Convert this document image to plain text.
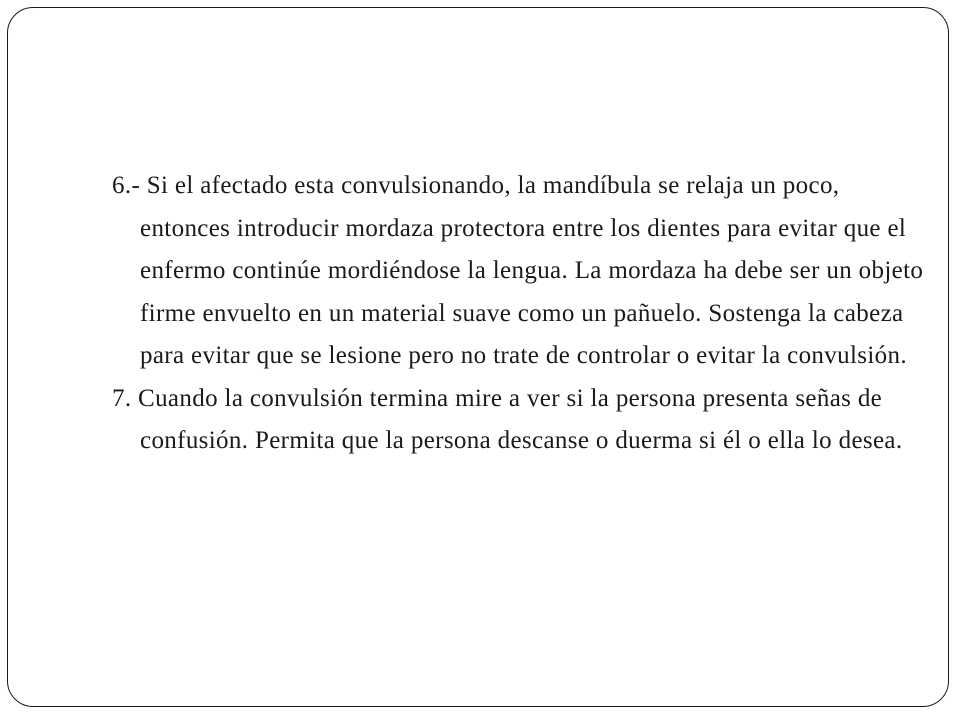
6.- Si el afectado esta convulsionando, la mandíbula se relaja un poco, entonces introducir mordaza protectora entre los dientes para evitar que el enfermo continúe mordiéndose la lengua. La mordaza ha debe ser un objeto firme envuelto en un material suave como un pañuelo. Sostenga la cabeza para evitar que se lesione pero no trate de controlar o evitar la convulsión.

7. Cuando la convulsión termina mire a ver si la persona presenta señas de confusión. Permita que la persona descanse o duerma si él o ella lo desea.
